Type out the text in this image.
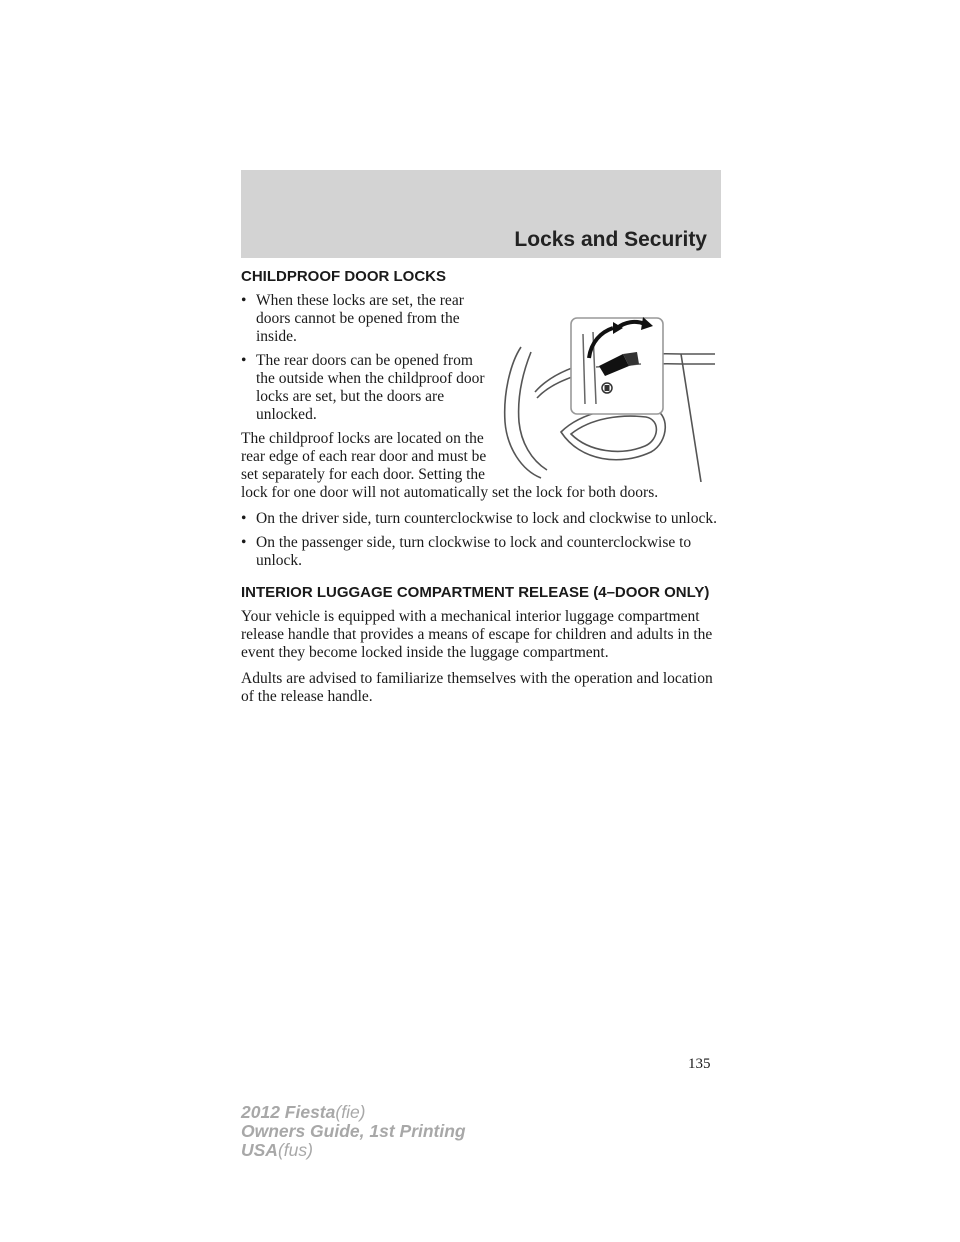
Locks and Security
CHILDPROOF DOOR LOCKS
• When these locks are set, the rear doors cannot be opened from the inside.
• The rear doors can be opened from the outside when the childproof door locks are set, but the doors are unlocked.

The childproof locks are located on the rear edge of each rear door and must be set separately for each door. Setting the lock for one door will not automatically set the lock for both doors.

• On the driver side, turn counterclockwise to lock and clockwise to unlock.
• On the passenger side, turn clockwise to lock and counterclockwise to unlock.
INTERIOR LUGGAGE COMPARTMENT RELEASE (4–DOOR ONLY)

Your vehicle is equipped with a mechanical interior luggage compartment release handle that provides a means of escape for children and adults in the event they become locked inside the luggage compartment.

Adults are advised to familiarize themselves with the operation and location of the release handle.

135
2012 Fiesta(fie)
Owners Guide, 1st Printing
USA(fus)
